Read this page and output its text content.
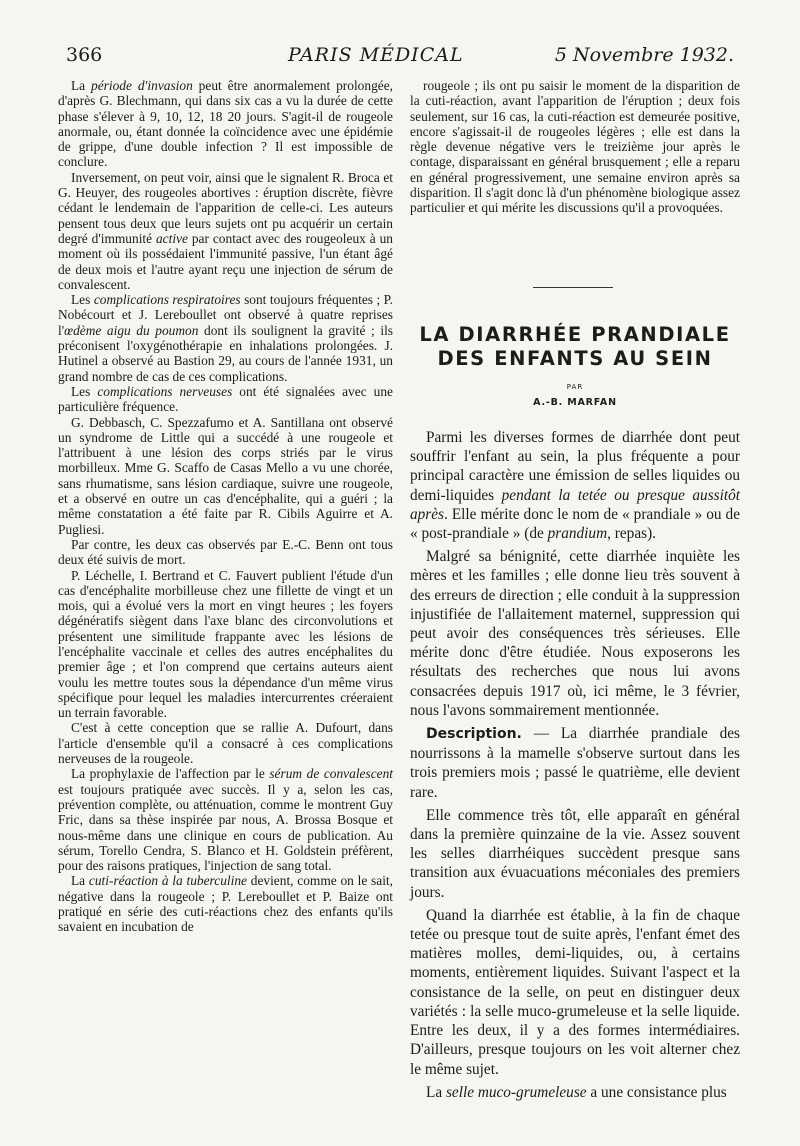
366	PARIS MÉDICAL	5 Novembre 1932.

La période d'invasion peut être anormalement prolongée, d'après G. Blechmann, qui dans six cas a vu la durée de cette phase s'élever à 9, 10, 12, 18 20 jours. S'agit-il de rougeole anormale, ou, étant donnée la coïncidence avec une épidémie de grippe, d'une double infection ? Il est impossible de conclure.

Inversement, on peut voir, ainsi que le signalent R. Broca et G. Heuyer, des rougeoles abortives : éruption discrète, fièvre cédant le lendemain de l'apparition de celle-ci. Les auteurs pensent tous deux que leurs sujets ont pu acquérir un certain degré d'immunité active par contact avec des rougeoleux à un moment où ils possédaient l'immunité passive, l'un étant âgé de deux mois et l'autre ayant reçu une injection de sérum de convalescent.

Les complications respiratoires sont toujours fréquentes ; P. Nobécourt et J. Lereboullet ont observé à quatre reprises l'œdème aigu du poumon dont ils soulignent la gravité ; ils préconisent l'oxygénothérapie en inhalations prolongées. J. Hutinel a observé au Bastion 29, au cours de l'année 1931, un grand nombre de cas de ces complications.

Les complications nerveuses ont été signalées avec une particulière fréquence.

G. Debbasch, C. Spezzafumo et A. Santillana ont observé un syndrome de Little qui a succédé à une rougeole et l'attribuent à une lésion des corps striés par le virus morbilleux. Mme G. Scaffo de Casas Mello a vu une chorée, sans rhumatisme, sans lésion cardiaque, suivre une rougeole, et a observé en outre un cas d'encéphalite, qui a guéri ; la même constatation a été faite par R. Cibils Aguirre et A. Pugliesi.

Par contre, les deux cas observés par E.-C. Benn ont tous deux été suivis de mort.

P. Léchelle, I. Bertrand et C. Fauvert publient l'étude d'un cas d'encéphalite morbilleuse chez une fillette de vingt et un mois, qui a évolué vers la mort en vingt heures ; les foyers dégénératifs siègent dans l'axe blanc des circonvolutions et présentent une similitude frappante avec les lésions de l'encéphalite vaccinale et celles des autres encéphalites du premier âge ; et l'on comprend que certains auteurs aient voulu les mettre toutes sous la dépendance d'un même virus spécifique pour lequel les maladies intercurrentes créeraient un terrain favorable.

C'est à cette conception que se rallie A. Dufourt, dans l'article d'ensemble qu'il a consacré à ces complications nerveuses de la rougeole.

La prophylaxie de l'affection par le sérum de convalescent est toujours pratiquée avec succès. Il y a, selon les cas, prévention complète, ou atténuation, comme le montrent Guy Fric, dans sa thèse inspirée par nous, A. Brossa Bosque et nous-même dans une clinique en cours de publication. Au sérum, Torello Cendra, S. Blanco et H. Goldstein préfèrent, pour des raisons pratiques, l'injection de sang total.

La cuti-réaction à la tuberculine devient, comme on le sait, négative dans la rougeole ; P. Lereboullet et P. Baize ont pratiqué en série des cuti-réactions chez des enfants qu'ils savaient en incubation de

rougeole ; ils ont pu saisir le moment de la disparition de la cuti-réaction, avant l'apparition de l'éruption ; deux fois seulement, sur 16 cas, la cuti-réaction est demeurée positive, encore s'agissait-il de rougeoles légères ; elle est dans la règle devenue négative vers le treizième jour après le contage, disparaissant en général brusquement ; elle a reparu en général progressivement, une semaine environ après sa disparition. Il s'agit donc là d'un phénomène biologique assez particulier et qui mérite les discussions qu'il a provoquées.

LA DIARRHÉE PRANDIALE
DES ENFANTS AU SEIN
PAR
A.-B. MARFAN

Parmi les diverses formes de diarrhée dont peut souffrir l'enfant au sein, la plus fréquente a pour principal caractère une émission de selles liquides ou demi-liquides pendant la tetée ou presque aussitôt après. Elle mérite donc le nom de « prandiale » ou de « post-prandiale » (de prandium, repas).

Malgré sa bénignité, cette diarrhée inquiète les mères et les familles ; elle donne lieu très souvent à des erreurs de direction ; elle conduit à la suppression injustifiée de l'allaitement maternel, suppression qui peut avoir des conséquences très sérieuses. Elle mérite donc d'être étudiée. Nous exposerons les résultats des recherches que nous lui avons consacrées depuis 1917 où, ici même, le 3 février, nous l'avons sommairement mentionnée.

Description. — La diarrhée prandiale des nourrissons à la mamelle s'observe surtout dans les trois premiers mois ; passé le quatrième, elle devient rare.

Elle commence très tôt, elle apparaît en général dans la première quinzaine de la vie. Assez souvent les selles diarrhéiques succèdent presque sans transition aux évuacuations méconiales des premiers jours.

Quand la diarrhée est établie, à la fin de chaque tetée ou presque tout de suite après, l'enfant émet des matières molles, demi-liquides, ou, à certains moments, entièrement liquides. Suivant l'aspect et la consistance de la selle, on peut en distinguer deux variétés : la selle muco-grumeleuse et la selle liquide. Entre les deux, il y a des formes intermédiaires. D'ailleurs, presque toujours on les voit alterner chez le même sujet.

La selle muco-grumeleuse a une consistance plus
